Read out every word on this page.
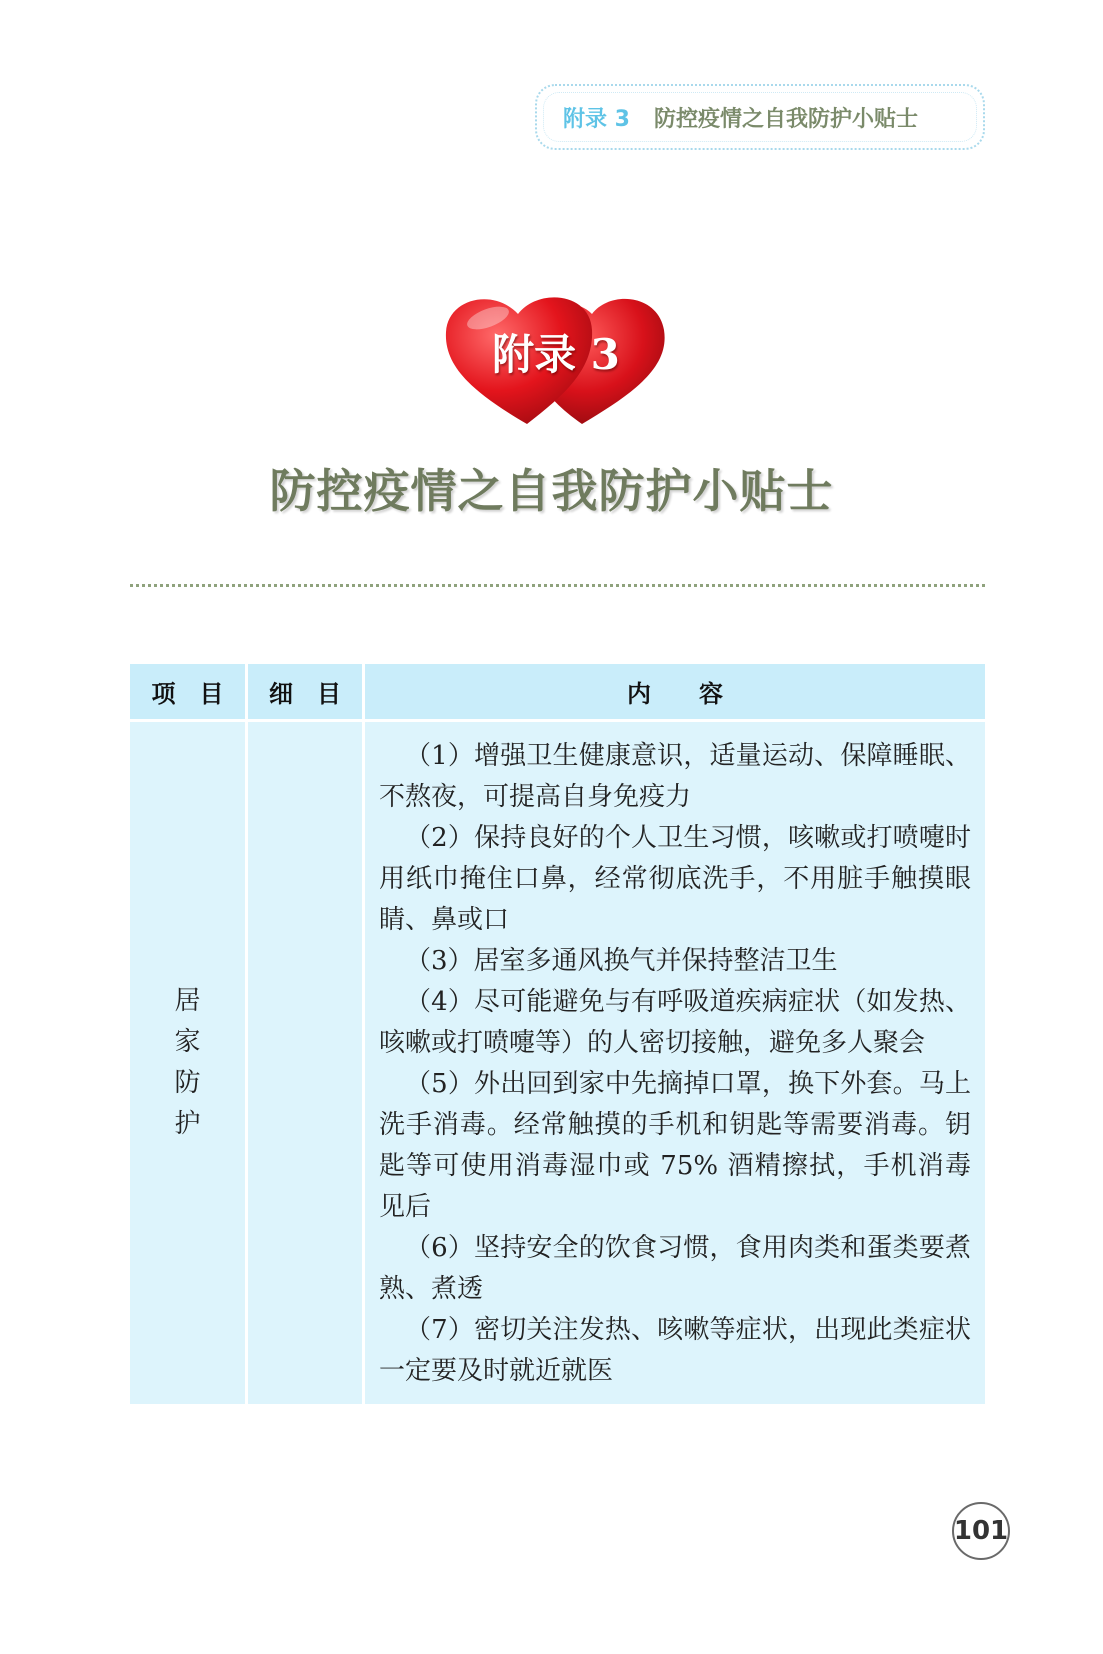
附录 3 防控疫情之自我防护小贴士
附录 3
防控疫情之自我防护小贴士
项　目	细　目	内　　容
居家防护

（1）增强卫生健康意识，适量运动、保障睡眠、不熬夜，可提高自身免疫力

（2）保持良好的个人卫生习惯，咳嗽或打喷嚏时用纸巾掩住口鼻，经常彻底洗手，不用脏手触摸眼睛、鼻或口

（3）居室多通风换气并保持整洁卫生

（4）尽可能避免与有呼吸道疾病症状（如发热、咳嗽或打喷嚏等）的人密切接触，避免多人聚会

（5）外出回到家中先摘掉口罩，换下外套。马上洗手消毒。经常触摸的手机和钥匙等需要消毒。钥匙等可使用消毒湿巾或 75% 酒精擦拭，手机消毒见后

（6）坚持安全的饮食习惯，食用肉类和蛋类要煮熟、煮透

（7）密切关注发热、咳嗽等症状，出现此类症状一定要及时就近就医

101
